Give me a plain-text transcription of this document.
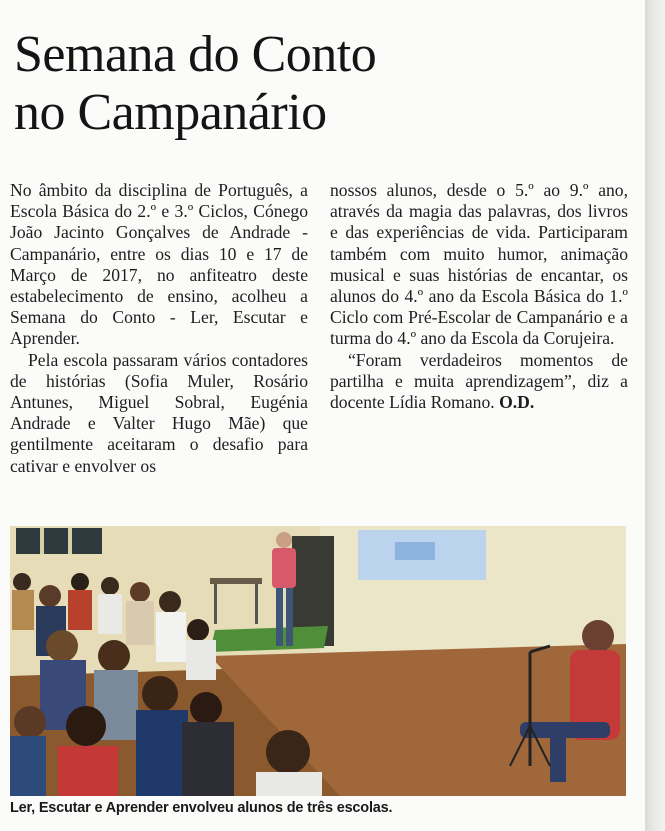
Semana do Conto
no Campanário

No âmbito da disciplina de Português, a Escola Básica do 2.º e 3.º Ciclos, Cónego João Jacinto Gonçalves de Andrade - Campanário, entre os dias 10 e 17 de Março de 2017, no anfiteatro deste estabelecimento de ensino, acolheu a Semana do Conto - Ler, Escutar e Aprender.

Pela escola passaram vários contadores de histórias (Sofia Muler, Rosário Antunes, Miguel Sobral, Eugénia Andrade e Valter Hugo Mãe) que gentilmente aceitaram o desafio para cativar e envolver os

nossos alunos, desde o 5.º ao 9.º ano, através da magia das palavras, dos livros e das experiências de vida. Participaram também com muito humor, animação musical e suas histórias de encantar, os alunos do 4.º ano da Escola Básica do 1.º Ciclo com Pré-Escolar de Campanário e a turma do 4.º ano da Escola da Corujeira.

“Foram verdadeiros momentos de partilha e muita aprendizagem”, diz a docente Lídia Romano. O.D.

Ler, Escutar e Aprender envolveu alunos de três escolas.
